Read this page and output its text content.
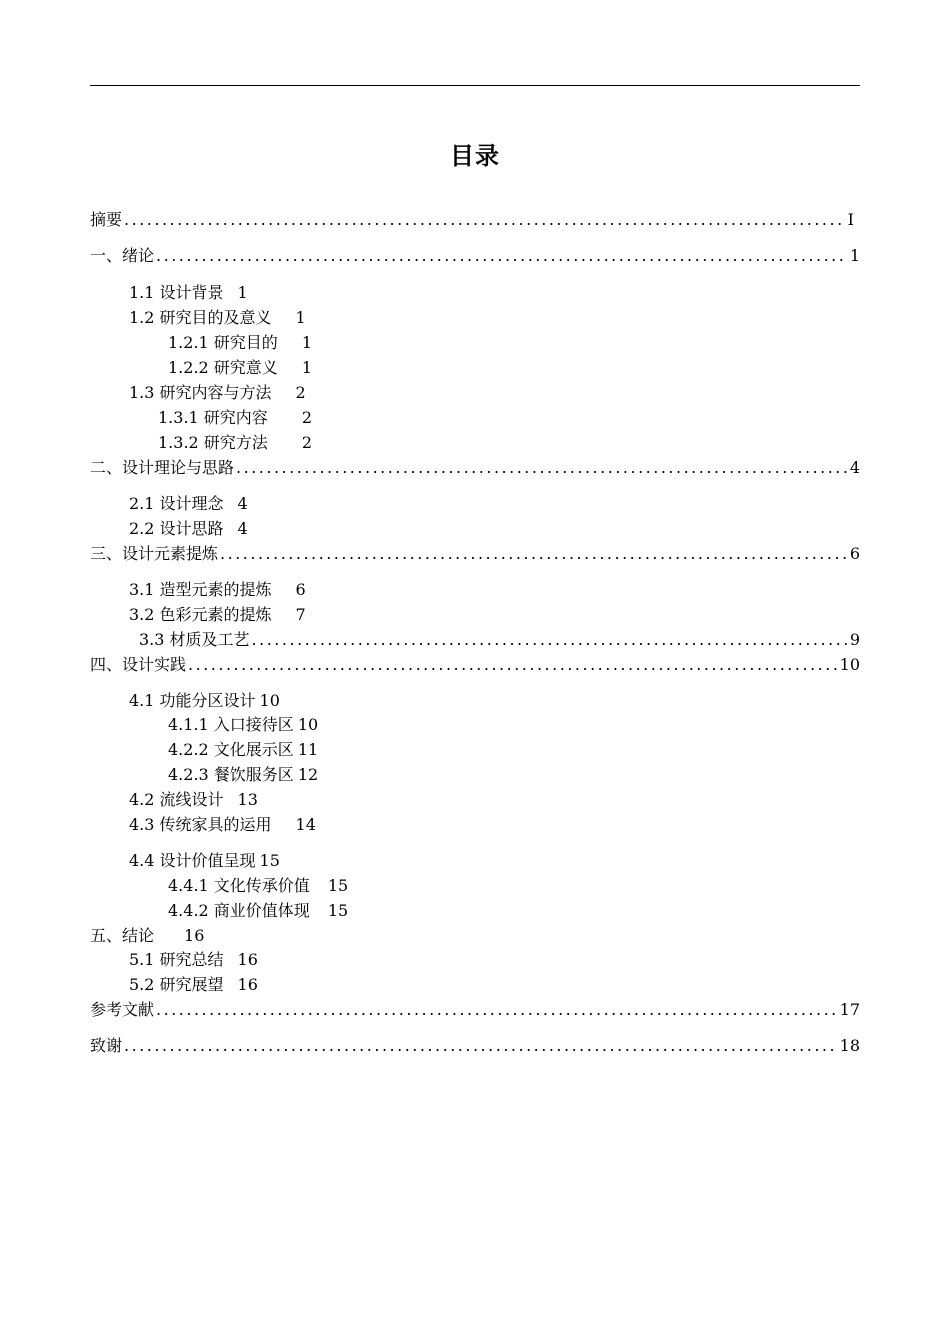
目录
摘要 .....	Ⅰ
一、绪论 .....	1
1.1 设计背景 1
1.2 研究目的及意义 1
1.2.1 研究目的 1
1.2.2 研究意义 1
1.3 研究内容与方法 2
1.3.1 研究内容 2
1.3.2 研究方法 2
二、设计理论与思路 .....	4
2.1 设计理念 4
2.2 设计思路 4
三、设计元素提炼 .....	6
3.1 造型元素的提炼 6
3.2 色彩元素的提炼 7
3.3 材质及工艺 .....	9
四、设计实践 .....	10
4.1 功能分区设计 10
4.1.1 入口接待区 10
4.2.2 文化展示区 11
4.2.3 餐饮服务区 12
4.2 流线设计 13
4.3 传统家具的运用 14
4.4 设计价值呈现 15
4.4.1 文化传承价值 15
4.4.2 商业价值体现 15
五、结论 16
5.1 研究总结 16
5.2 研究展望 16
参考文献 .....	17
致谢 .....	18
